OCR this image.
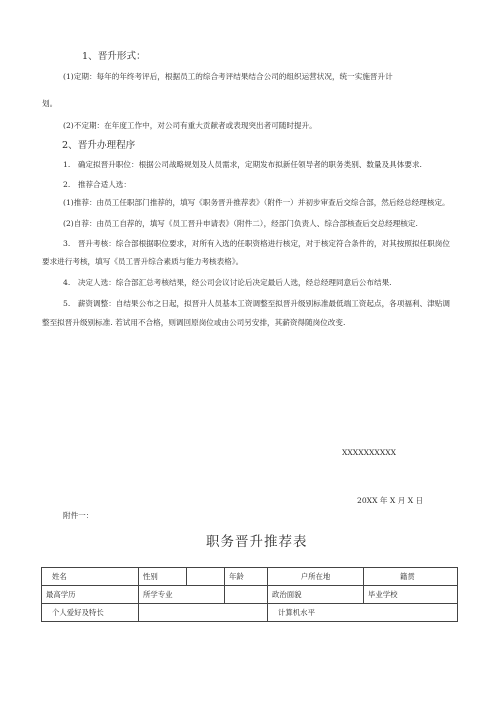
1、晋升形式：
(1)定期：每年的年终考评后，根据员工的综合考评结果结合公司的组织运营状况，统一实施晋升计
划。
(2)不定期：在年度工作中，对公司有重大贡献者或表现突出者可随时提升。
2、晋升办理程序
1.　确定拟晋升职位：根据公司战略规划及人员需求，定期发布拟新任领导者的职务类别、数量及具体要求.
2.　推荐合适人选：
(1)推荐：由员工任职部门推荐的，填写《职务晋升推荐表》（附件一）并初步审查后交综合部，然后经总经理核定。
(2)自荐：由员工自荐的，填写《员工晋升申请表》（附件二），经部门负责人、综合部核查后交总经理核定.
3.　晋升考核：综合部根据职位要求，对所有入选的任职资格进行核定，对于核定符合条件的，对其按照拟任职岗位
要求进行考核，填写《员工晋升综合素质与能力考核表格》。
4.　决定人选：综合部汇总考核结果，经公司会议讨论后决定最后人选，经总经理同意后公布结果.
5.　薪资调整：自结果公布之日起，拟晋升人员基本工资调整至拟晋升级别标准最低端工资起点，各项福利、津贴调
整至拟晋升级别标准. 若试用不合格，则调回原岗位或由公司另安排，其薪资得随岗位改变.
XXXXXXXXXX
20XX 年 X 月 X 日
附件一：
职务晋升推荐表
姓名	性别		年龄	户所在地	籍贯
最高学历	所学专业			政治面貌	毕业学校
个人爱好及特长				计算机水平	
